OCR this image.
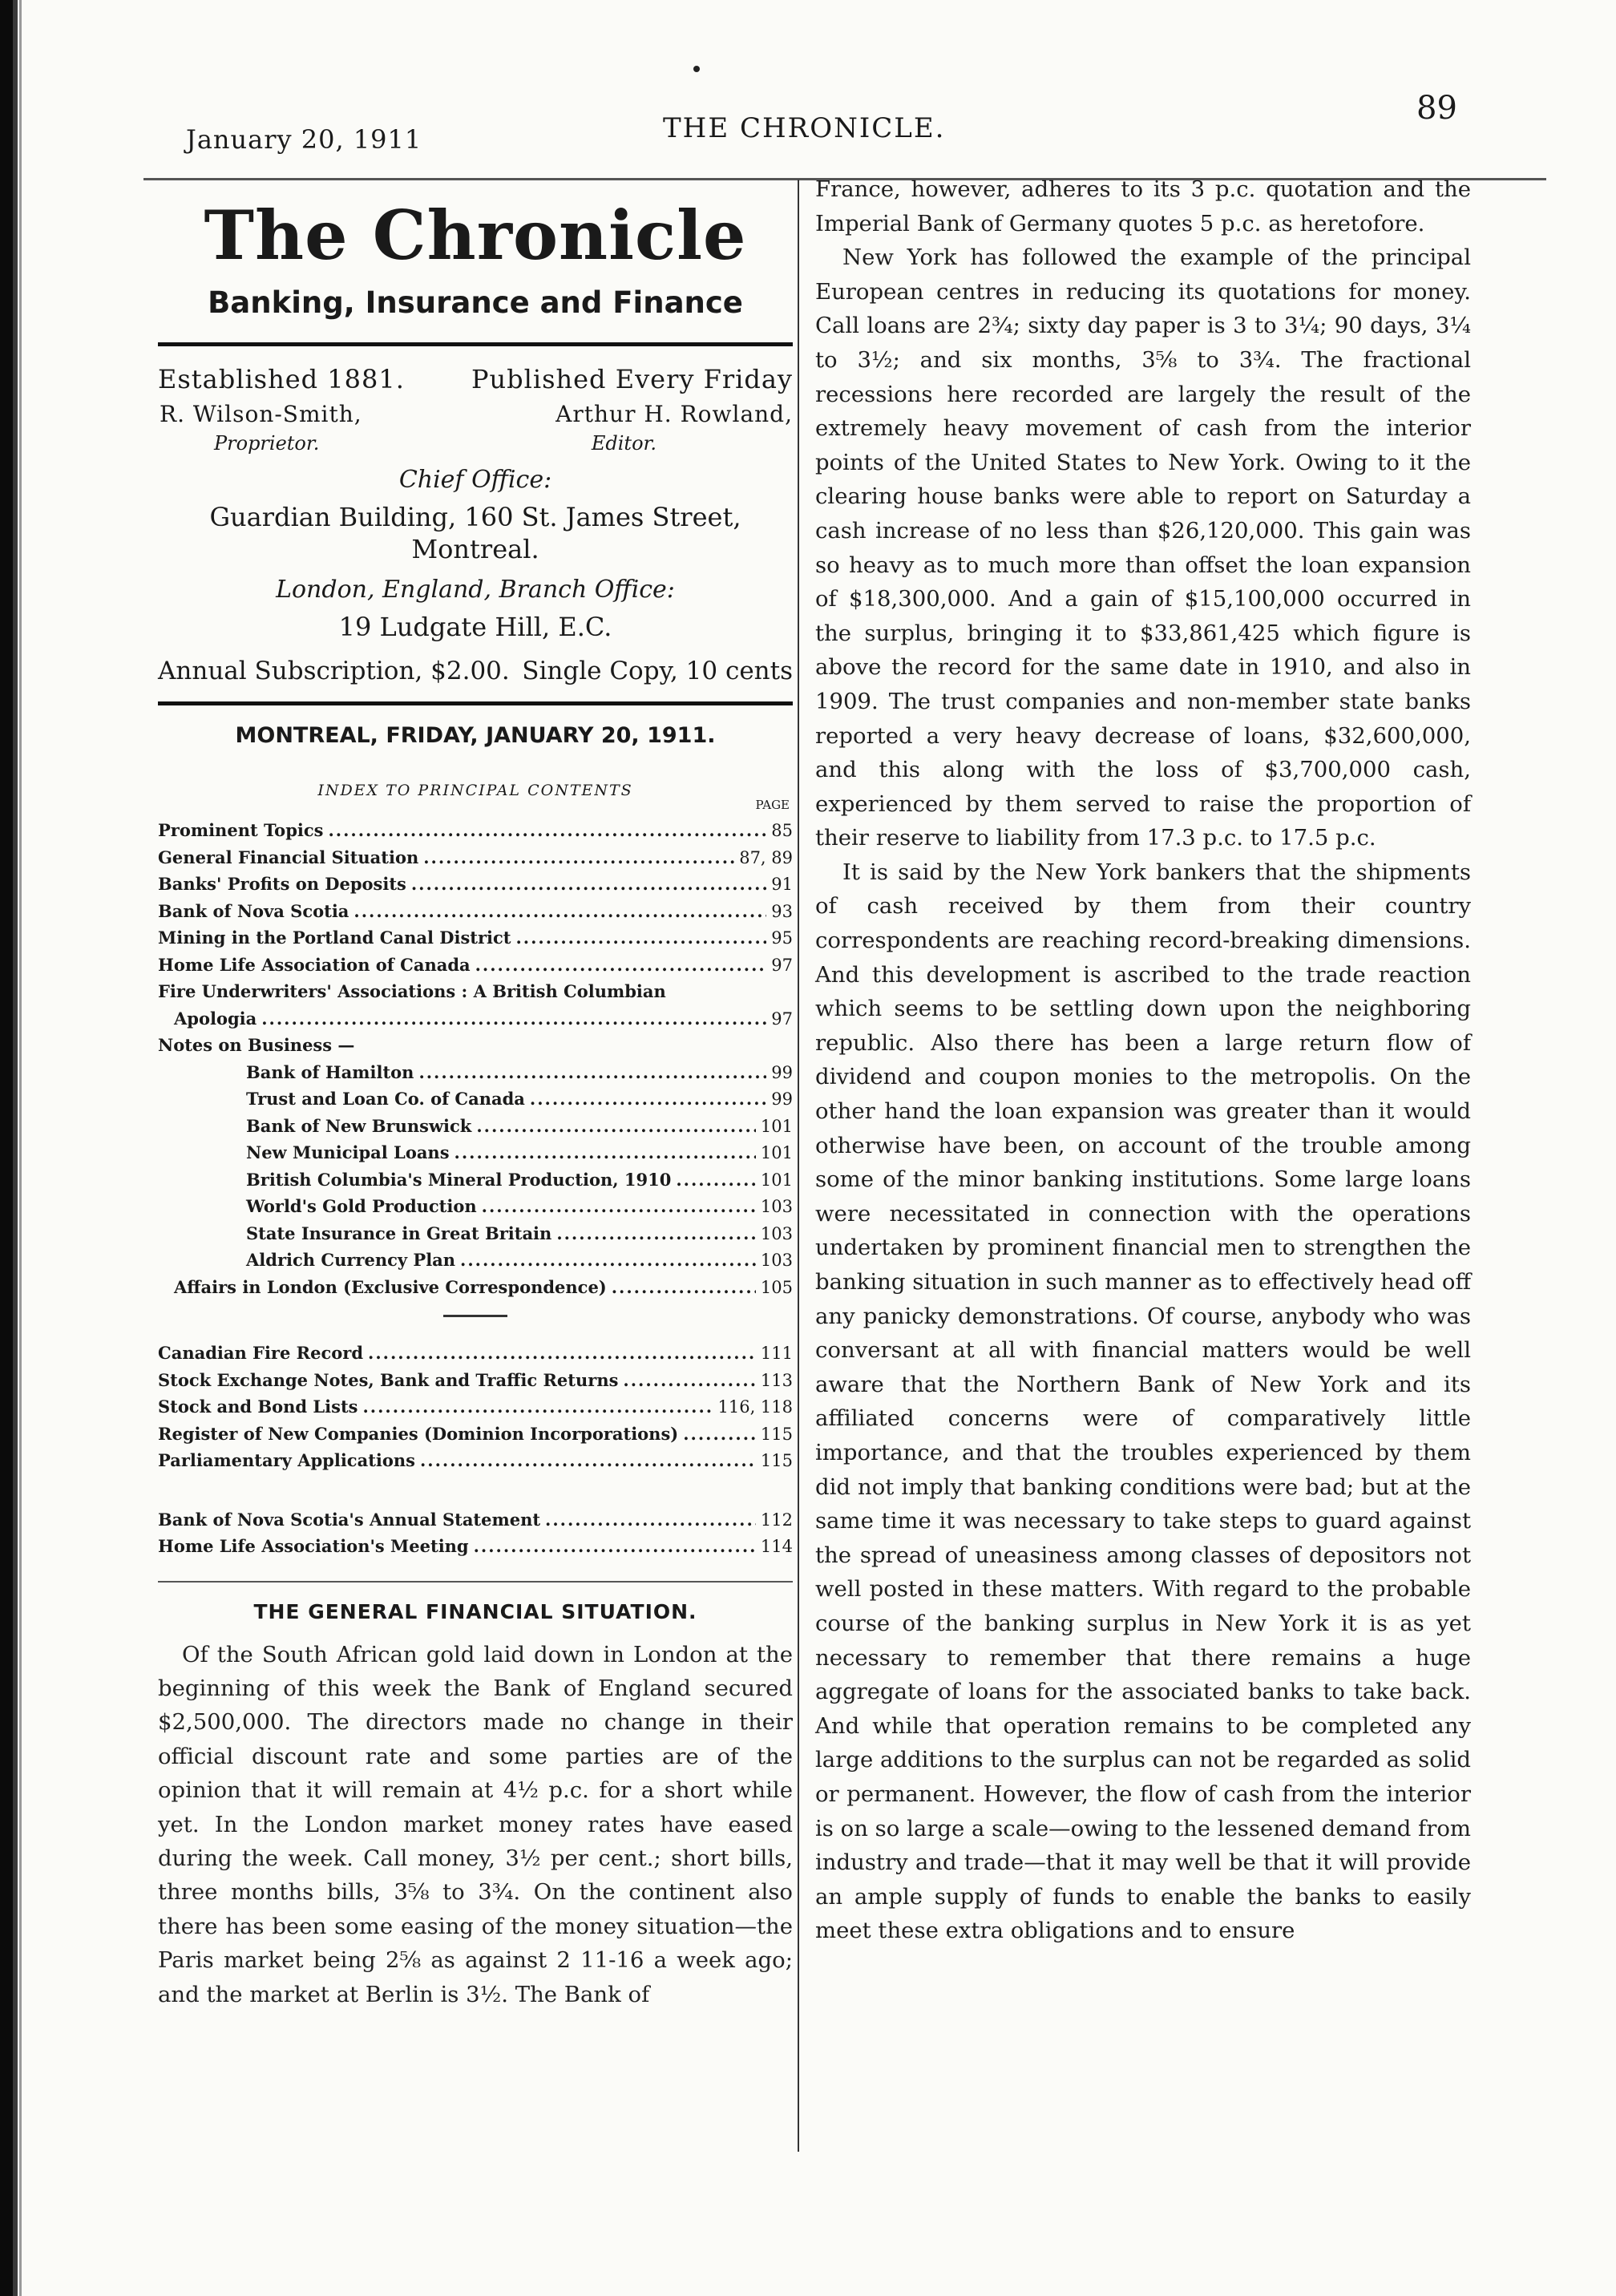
January 20, 1911	THE CHRONICLE.
89
The Chronicle
Banking, Insurance and Finance
Established 1881.	Published Every Friday
R. Wilson-Smith,	Arthur H. Rowland,
Proprietor.	Editor.
Chief Office:
Guardian Building, 160 St. James Street,
Montreal.
London, England, Branch Office:
19 Ludgate Hill, E.C.
Annual Subscription, $2.00. Single Copy, 10 cents
MONTREAL, FRIDAY, JANUARY 20, 1911.
INDEX TO PRINCIPAL CONTENTS
PAGE
Prominent Topics .....	85
General Financial Situation .....	87, 89
Banks' Profits on Deposits .....	91
Bank of Nova Scotia .....	93
Mining in the Portland Canal District .....	95
Home Life Association of Canada .....	97
Fire Underwriters' Associations : A British Columbian
Apologia .....	97
Notes on Business —
Bank of Hamilton .....	99
Trust and Loan Co. of Canada .....	99
Bank of New Brunswick .....	101
New Municipal Loans .....	101
British Columbia's Mineral Production, 1910 .....	101
World's Gold Production .....	103
State Insurance in Great Britain .....	103
Aldrich Currency Plan .....	103
Affairs in London (Exclusive Correspondence) .....	105
Canadian Fire Record .....	111
Stock Exchange Notes, Bank and Traffic Returns .....	113
Stock and Bond Lists .....	116, 118
Register of New Companies (Dominion Incorporations) .....	115
Parliamentary Applications .....	115
Bank of Nova Scotia's Annual Statement .....	112
Home Life Association's Meeting .....	114
THE GENERAL FINANCIAL SITUATION.
Of the South African gold laid down in London at the beginning of this week the Bank of England secured $2,500,000. The directors made no change in their official discount rate and some parties are of the opinion that it will remain at 4½ p.c. for a short while yet. In the London market money rates have eased during the week. Call money, 3½ per cent.; short bills, three months bills, 3⅝ to 3¾. On the continent also there has been some easing of the money situation—the Paris market being 2⅝ as against 2 11-16 a week ago; and the market at Berlin is 3½. The Bank of

France, however, adheres to its 3 p.c. quotation and the Imperial Bank of Germany quotes 5 p.c. as heretofore.

New York has followed the example of the principal European centres in reducing its quotations for money. Call loans are 2¾; sixty day paper is 3 to 3¼; 90 days, 3¼ to 3½; and six months, 3⅝ to 3¾. The fractional recessions here recorded are largely the result of the extremely heavy movement of cash from the interior points of the United States to New York. Owing to it the clearing house banks were able to report on Saturday a cash increase of no less than $26,120,000. This gain was so heavy as to much more than offset the loan expansion of $18,300,000. And a gain of $15,100,000 occurred in the surplus, bringing it to $33,861,425 which figure is above the record for the same date in 1910, and also in 1909. The trust companies and non-member state banks reported a very heavy decrease of loans, $32,600,000, and this along with the loss of $3,700,000 cash, experienced by them served to raise the proportion of their reserve to liability from 17.3 p.c. to 17.5 p.c.

It is said by the New York bankers that the shipments of cash received by them from their country correspondents are reaching record-breaking dimensions. And this development is ascribed to the trade reaction which seems to be settling down upon the neighboring republic. Also there has been a large return flow of dividend and coupon monies to the metropolis. On the other hand the loan expansion was greater than it would otherwise have been, on account of the trouble among some of the minor banking institutions. Some large loans were necessitated in connection with the operations undertaken by prominent financial men to strengthen the banking situation in such manner as to effectively head off any panicky demonstrations. Of course, anybody who was conversant at all with financial matters would be well aware that the Northern Bank of New York and its affiliated concerns were of comparatively little importance, and that the troubles experienced by them did not imply that banking conditions were bad; but at the same time it was necessary to take steps to guard against the spread of uneasiness among classes of depositors not well posted in these matters. With regard to the probable course of the banking surplus in New York it is as yet necessary to remember that there remains a huge aggregate of loans for the associated banks to take back. And while that operation remains to be completed any large additions to the surplus can not be regarded as solid or permanent. However, the flow of cash from the interior is on so large a scale—owing to the lessened demand from industry and trade—that it may well be that it will provide an ample supply of funds to enable the banks to easily meet these extra obligations and to ensure
